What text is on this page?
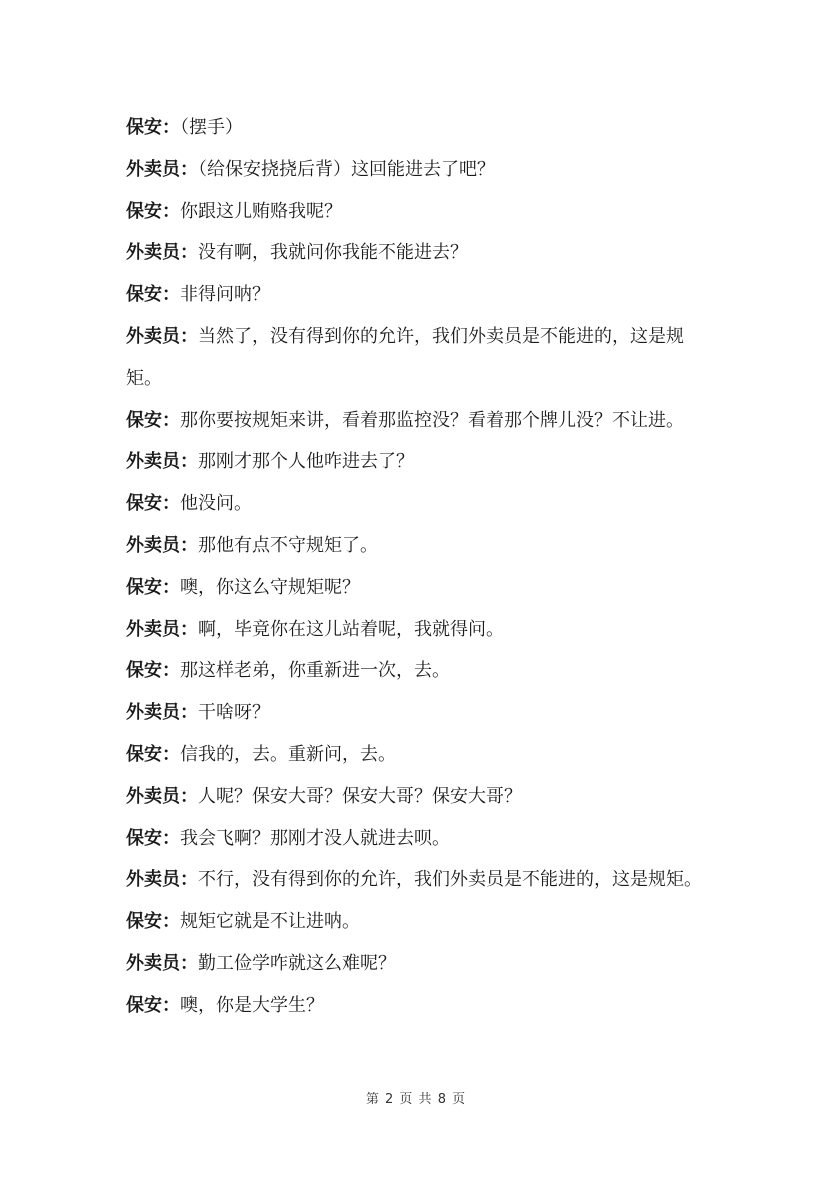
保安：（摆手）

外卖员：（给保安挠挠后背）这回能进去了吧？

保安：你跟这儿贿赂我呢？

外卖员：没有啊，我就问你我能不能进去？

保安：非得问呐？

外卖员：当然了，没有得到你的允许，我们外卖员是不能进的，这是规矩。

保安：那你要按规矩来讲，看着那监控没？看着那个牌儿没？不让进。

外卖员：那刚才那个人他咋进去了？

保安：他没问。

外卖员：那他有点不守规矩了。

保安：噢，你这么守规矩呢？

外卖员：啊，毕竟你在这儿站着呢，我就得问。

保安：那这样老弟，你重新进一次，去。

外卖员：干啥呀？

保安：信我的，去。重新问，去。

外卖员：人呢？保安大哥？保安大哥？保安大哥？

保安：我会飞啊？那刚才没人就进去呗。

外卖员：不行，没有得到你的允许，我们外卖员是不能进的，这是规矩。

保安：规矩它就是不让进呐。

外卖员：勤工俭学咋就这么难呢？

保安：噢，你是大学生？

第 2 页 共 8 页
